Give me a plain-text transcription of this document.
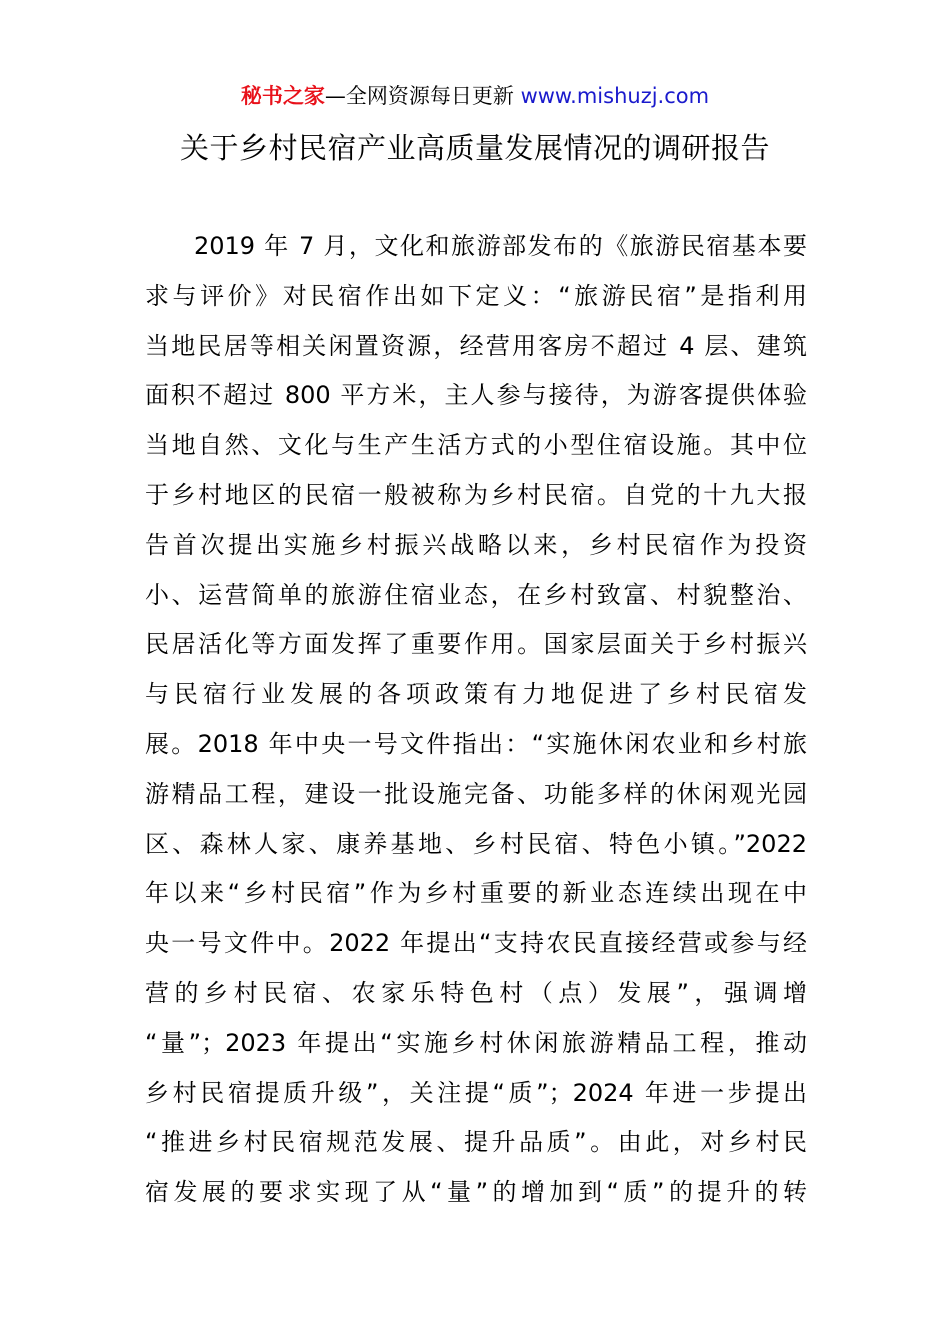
秘书之家—全网资源每日更新 www.mishuzj.com
关于乡村民宿产业高质量发展情况的调研报告
2019 年 7 月，文化和旅游部发布的《旅游民宿基本要
求与评价》对民宿作出如下定义：“旅游民宿”是指利用
当地民居等相关闲置资源，经营用客房不超过 4 层、建筑
面积不超过 800 平方米，主人参与接待，为游客提供体验
当地自然、文化与生产生活方式的小型住宿设施。其中位
于乡村地区的民宿一般被称为乡村民宿。自党的十九大报
告首次提出实施乡村振兴战略以来，乡村民宿作为投资
小、运营简单的旅游住宿业态，在乡村致富、村貌整治、
民居活化等方面发挥了重要作用。国家层面关于乡村振兴
与民宿行业发展的各项政策有力地促进了乡村民宿发
展。2018 年中央一号文件指出：“实施休闲农业和乡村旅
游精品工程，建设一批设施完备、功能多样的休闲观光园
区、森林人家、康养基地、乡村民宿、特色小镇。”2022
年以来“乡村民宿”作为乡村重要的新业态连续出现在中
央一号文件中。2022 年提出“支持农民直接经营或参与经
营的乡村民宿、农家乐特色村（点）发展”，强调增
“量”；2023 年提出“实施乡村休闲旅游精品工程，推动
乡村民宿提质升级”，关注提“质”；2024 年进一步提出
“推进乡村民宿规范发展、提升品质”。由此，对乡村民
宿发展的要求实现了从“量”的增加到“质”的提升的转
